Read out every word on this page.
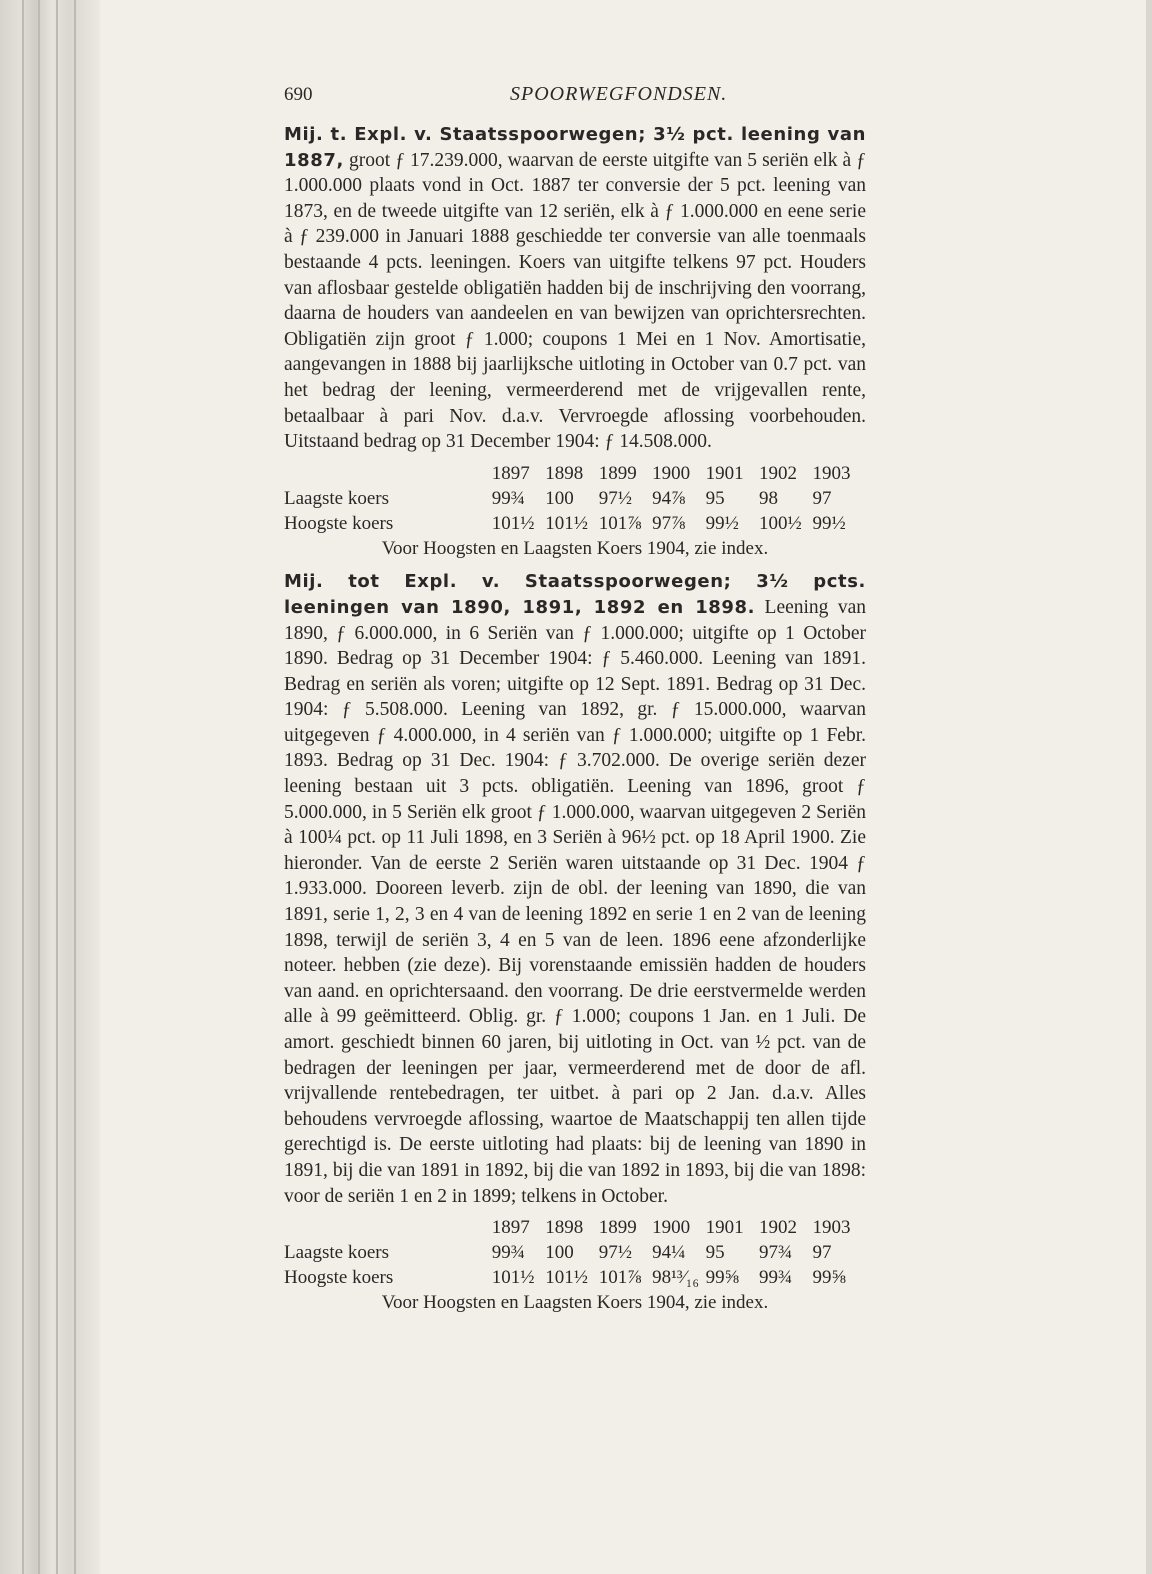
690	SPOORWEGFONDSEN.

Mij. t. Expl. v. Staatsspoorwegen; 3½ pct. leening van 1887, groot ƒ 17.239.000, waarvan de eerste uitgifte van 5 seriën elk à ƒ 1.000.000 plaats vond in Oct. 1887 ter conversie der 5 pct. leening van 1873, en de tweede uitgifte van 12 seriën, elk à ƒ 1.000.000 en eene serie à ƒ 239.000 in Januari 1888 geschiedde ter conversie van alle toenmaals bestaande 4 pcts. leeningen. Koers van uitgifte telkens 97 pct. Houders van aflosbaar gestelde obligatiën hadden bij de inschrijving den voorrang, daarna de houders van aandeelen en van bewijzen van oprichtersrechten. Obligatiën zijn groot ƒ 1.000; coupons 1 Mei en 1 Nov. Amortisatie, aangevangen in 1888 bij jaarlijksche uitloting in October van 0.7 pct. van het bedrag der leening, vermeerderend met de vrijgevallen rente, betaalbaar à pari Nov. d.a.v. Vervroegde aflossing voorbehouden. Uitstaand bedrag op 31 December 1904: ƒ 14.508.000.

	1897	1898	1899	1900	1901	1902	1903
Laagste koers	99¾	100	97½	94⅞	95	98	97
Hoogste koers	101½	101½	101⅞	97⅞	99½	100½	99½

Voor Hoogsten en Laagsten Koers 1904, zie index.

Mij. tot Expl. v. Staatsspoorwegen; 3½ pcts. leeningen van 1890, 1891, 1892 en 1898. Leening van 1890, ƒ 6.000.000, in 6 Seriën van ƒ 1.000.000; uitgifte op 1 October 1890. Bedrag op 31 December 1904: ƒ 5.460.000. Leening van 1891. Bedrag en seriën als voren; uitgifte op 12 Sept. 1891. Bedrag op 31 Dec. 1904: ƒ 5.508.000. Leening van 1892, gr. ƒ 15.000.000, waarvan uitgegeven ƒ 4.000.000, in 4 seriën van ƒ 1.000.000; uitgifte op 1 Febr. 1893. Bedrag op 31 Dec. 1904: ƒ 3.702.000. De overige seriën dezer leening bestaan uit 3 pcts. obligatiën. Leening van 1896, groot ƒ 5.000.000, in 5 Seriën elk groot ƒ 1.000.000, waarvan uitgegeven 2 Seriën à 100¼ pct. op 11 Juli 1898, en 3 Seriën à 96½ pct. op 18 April 1900. Zie hieronder. Van de eerste 2 Seriën waren uitstaande op 31 Dec. 1904 ƒ 1.933.000. Dooreen leverb. zijn de obl. der leening van 1890, die van 1891, serie 1, 2, 3 en 4 van de leening 1892 en serie 1 en 2 van de leening 1898, terwijl de seriën 3, 4 en 5 van de leen. 1896 eene afzonderlijke noteer. hebben (zie deze). Bij vorenstaande emissiën hadden de houders van aand. en oprichtersaand. den voorrang. De drie eerstvermelde werden alle à 99 geëmitteerd. Oblig. gr. ƒ 1.000; coupons 1 Jan. en 1 Juli. De amort. geschiedt binnen 60 jaren, bij uitloting in Oct. van ½ pct. van de bedragen der leeningen per jaar, vermeerderend met de door de afl. vrijvallende rentebedragen, ter uitbet. à pari op 2 Jan. d.a.v. Alles behoudens vervroegde aflossing, waartoe de Maatschappij ten allen tijde gerechtigd is. De eerste uitloting had plaats: bij de leening van 1890 in 1891, bij die van 1891 in 1892, bij die van 1892 in 1893, bij die van 1898: voor de seriën 1 en 2 in 1899; telkens in October.

	1897	1898	1899	1900	1901	1902	1903
Laagste koers	99¾	100	97½	94¼	95	97¾	97
Hoogste koers	101½	101½	101⅞	98¹³⁄₁₆	99⅝	99¾	99⅝

Voor Hoogsten en Laagsten Koers 1904, zie index.
